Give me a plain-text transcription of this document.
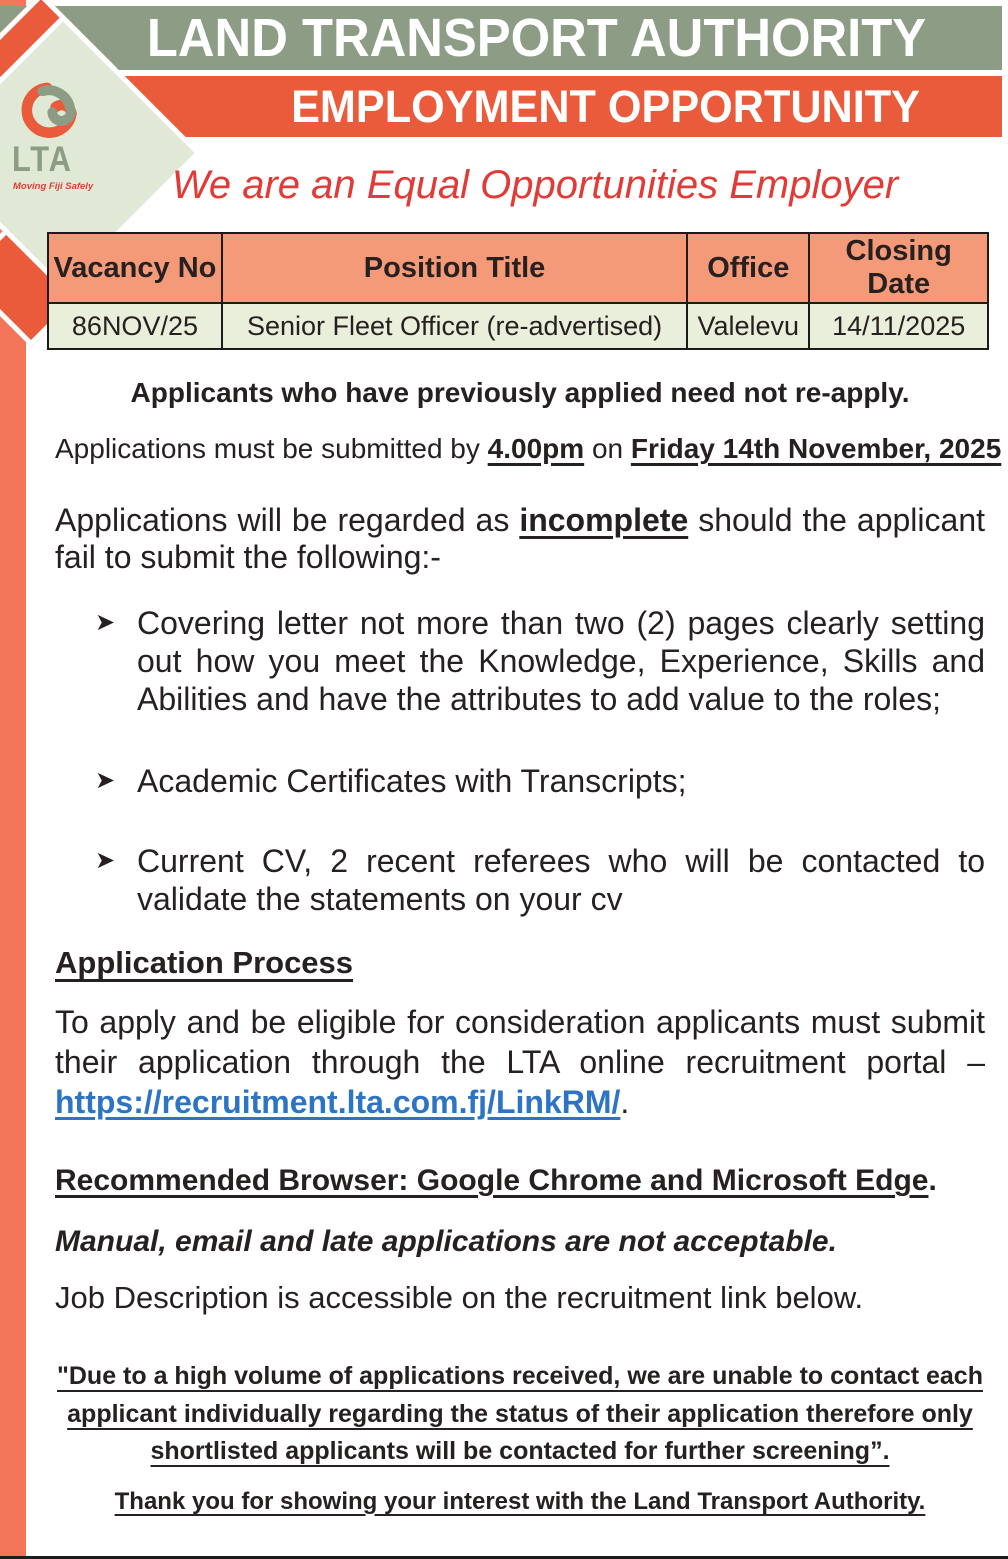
LAND TRANSPORT AUTHORITY
EMPLOYMENT OPPORTUNITY
LTA
Moving Fiji Safely	We are an Equal Opportunities Employer
Vacancy No	Position Title	Office	Closing Date
86NOV/25	Senior Fleet Officer (re-advertised)	Valelevu	14/11/2025
Applicants who have previously applied need not re-apply.
Applications must be submitted by 4.00pm on Friday 14th November, 2025
Applications will be regarded as incomplete should the applicant fail to submit the following:-
➤ Covering letter not more than two (2) pages clearly setting out how you meet the Knowledge, Experience, Skills and Abilities and have the attributes to add value to the roles;
➤ Academic Certificates with Transcripts;
➤ Current CV, 2 recent referees who will be contacted to validate the statements on your cv
Application Process
To apply and be eligible for consideration applicants must submit their application through the LTA online recruitment portal – https://recruitment.lta.com.fj/LinkRM/.
Recommended Browser: Google Chrome and Microsoft Edge.
Manual, email and late applications are not acceptable.
Job Description is accessible on the recruitment link below.
"Due to a high volume of applications received, we are unable to contact each applicant individually regarding the status of their application therefore only shortlisted applicants will be contacted for further screening”.
Thank you for showing your interest with the Land Transport Authority.
